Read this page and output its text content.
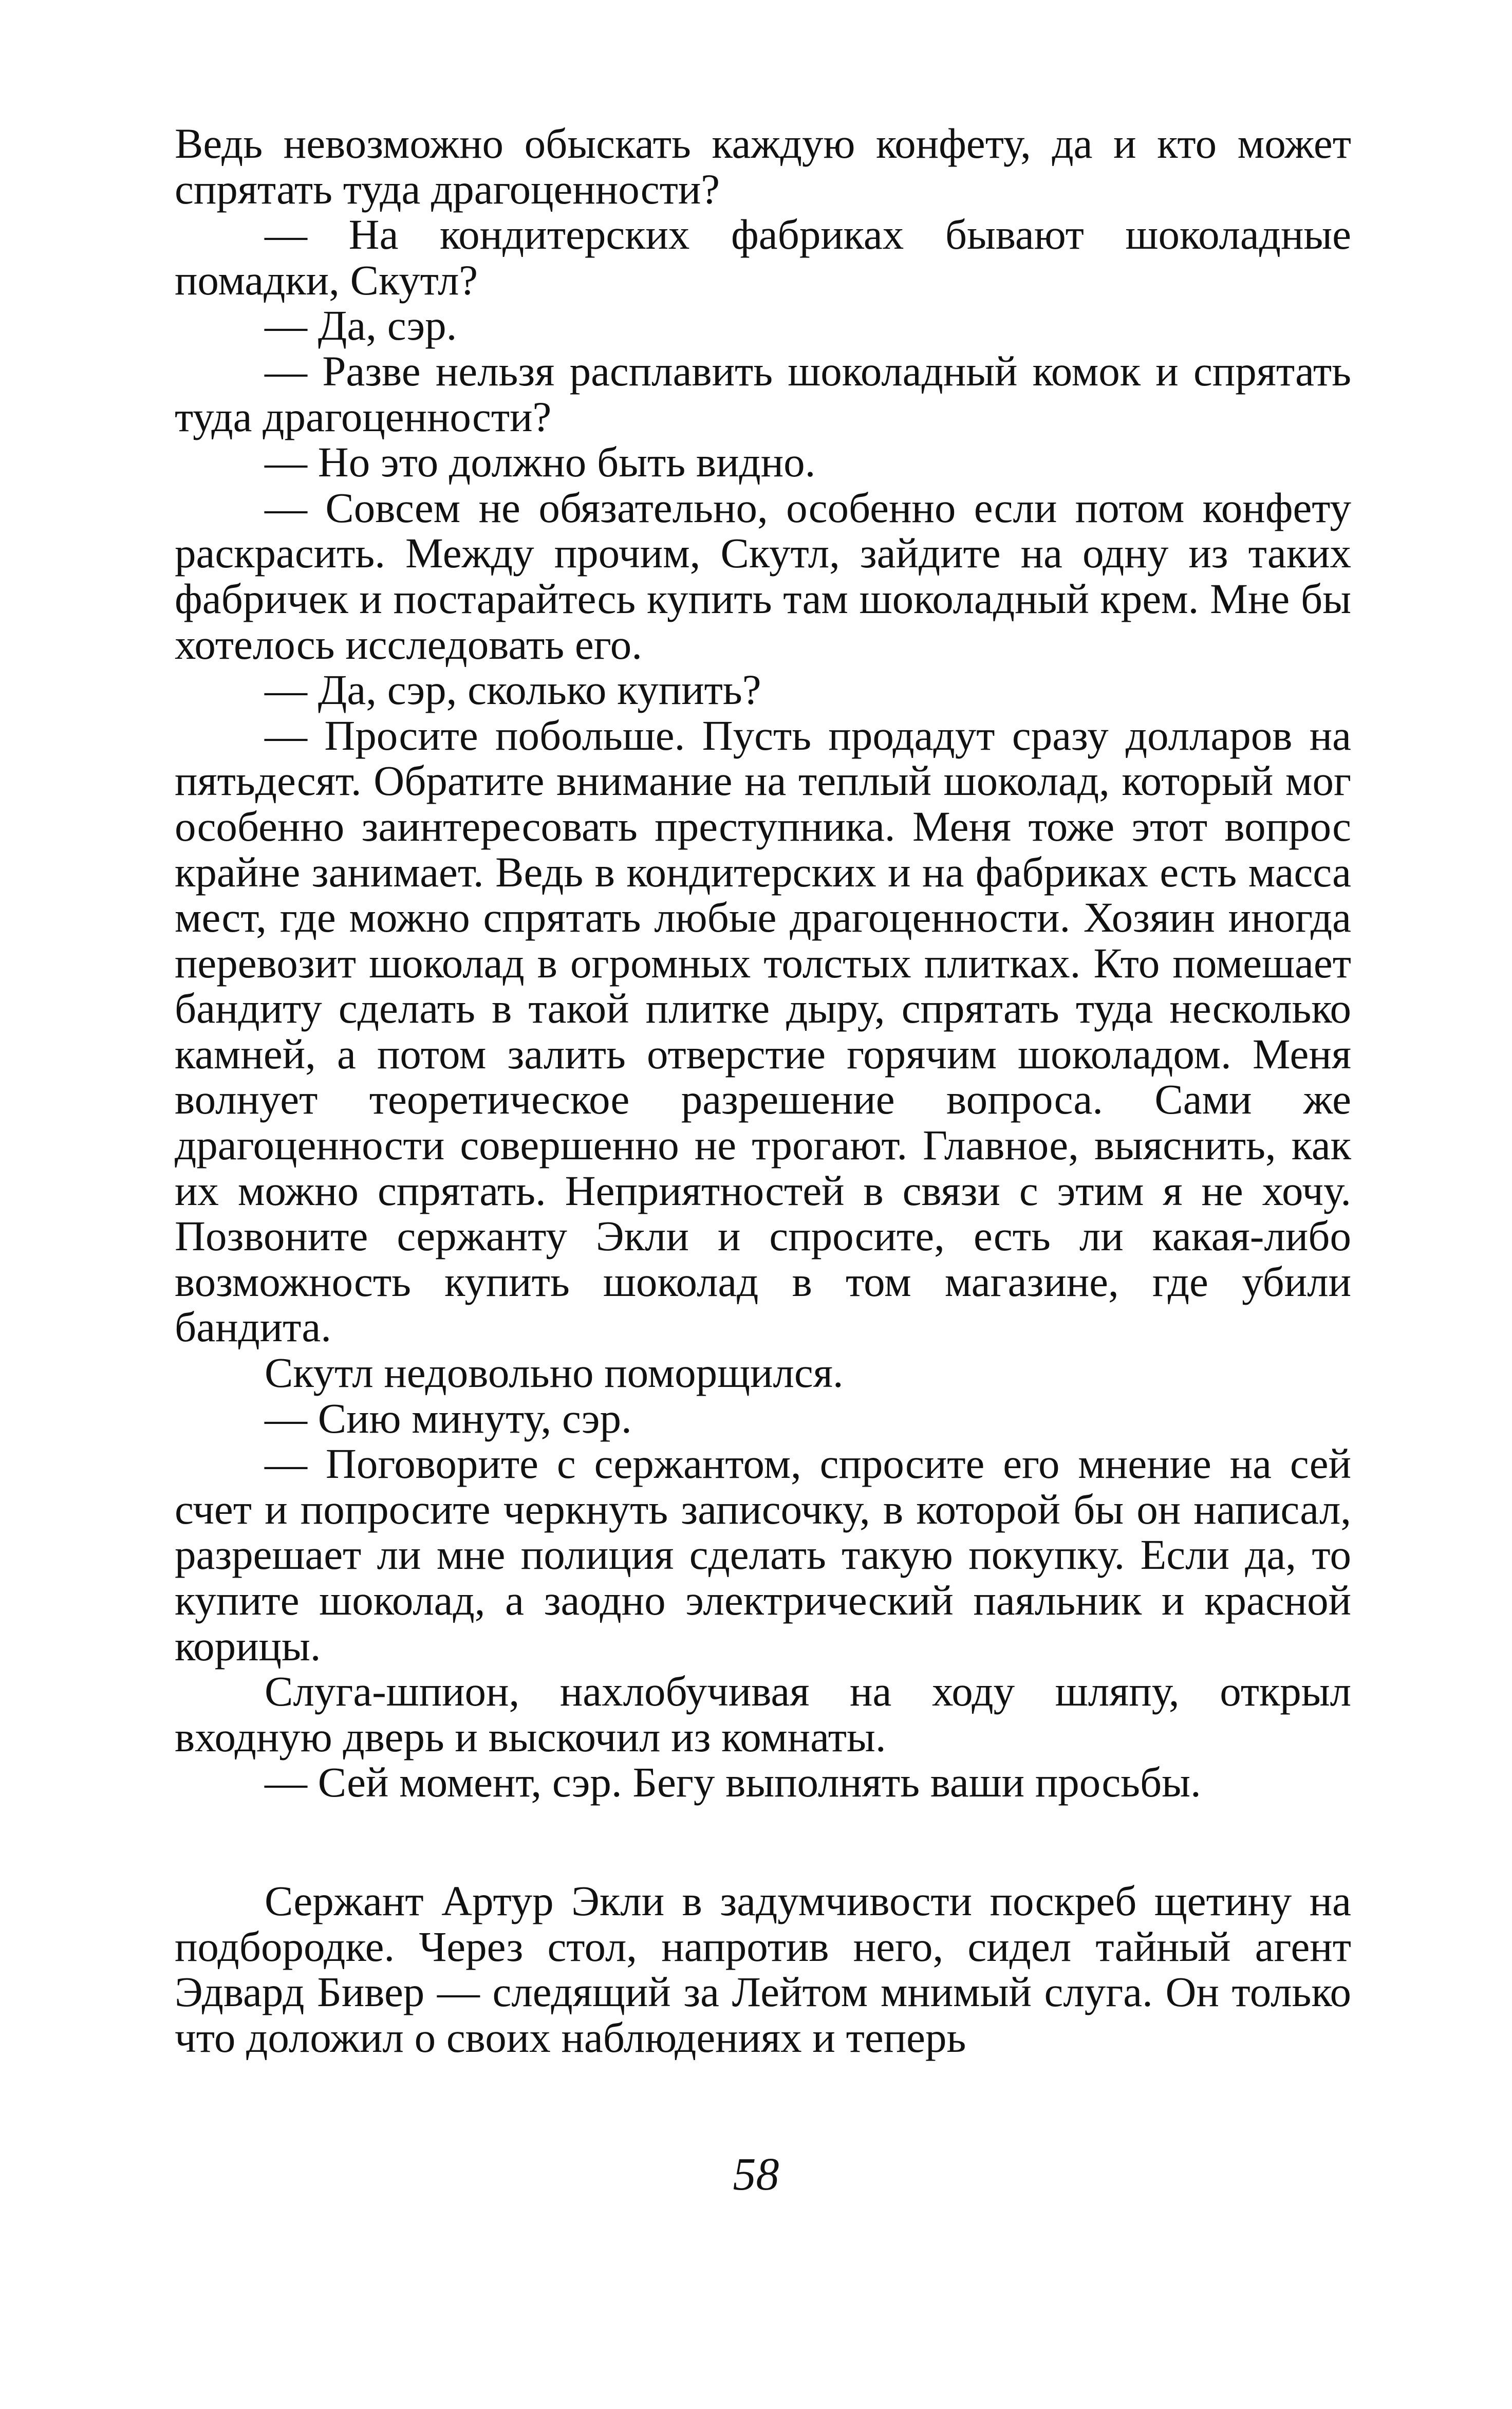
Ведь невозможно обыскать каждую конфету, да и кто может спрятать туда драгоценности?

— На кондитерских фабриках бывают шоколадные помадки, Скутл?

— Да, сэр.

— Разве нельзя расплавить шоколадный комок и спрятать туда драгоценности?

— Но это должно быть видно.

— Совсем не обязательно, особенно если потом конфету раскрасить. Между прочим, Скутл, зайдите на одну из таких фабричек и постарайтесь купить там шоколадный крем. Мне бы хотелось исследовать его.

— Да, сэр, сколько купить?

— Просите побольше. Пусть продадут сразу долларов на пятьдесят. Обратите внимание на теплый шоколад, который мог особенно заинтересовать преступника. Меня тоже этот вопрос крайне занимает. Ведь в кондитерских и на фабриках есть масса мест, где можно спрятать любые драгоценности. Хозяин иногда перевозит шоколад в огромных толстых плитках. Кто помешает бандиту сделать в такой плитке дыру, спрятать туда несколько камней, а потом залить отверстие горячим шоколадом. Меня волнует теоретическое разрешение вопроса. Сами же драгоценности совершенно не трогают. Главное, выяснить, как их можно спрятать. Неприятностей в связи с этим я не хочу. Позвоните сержанту Экли и спросите, есть ли какая-либо возможность купить шоколад в том магазине, где убили бандита.

Скутл недовольно поморщился.

— Сию минуту, сэр.

— Поговорите с сержантом, спросите его мнение на сей счет и попросите черкнуть записочку, в которой бы он написал, разрешает ли мне полиция сделать такую покупку. Если да, то купите шоколад, а заодно электрический паяльник и красной корицы.

Слуга-шпион, нахлобучивая на ходу шляпу, открыл входную дверь и выскочил из комнаты.

— Сей момент, сэр. Бегу выполнять ваши просьбы.

Сержант Артур Экли в задумчивости поскреб щетину на подбородке. Через стол, напротив него, сидел тайный агент Эдвард Бивер — следящий за Лейтом мнимый слуга. Он только что доложил о своих наблюдениях и теперь

58
